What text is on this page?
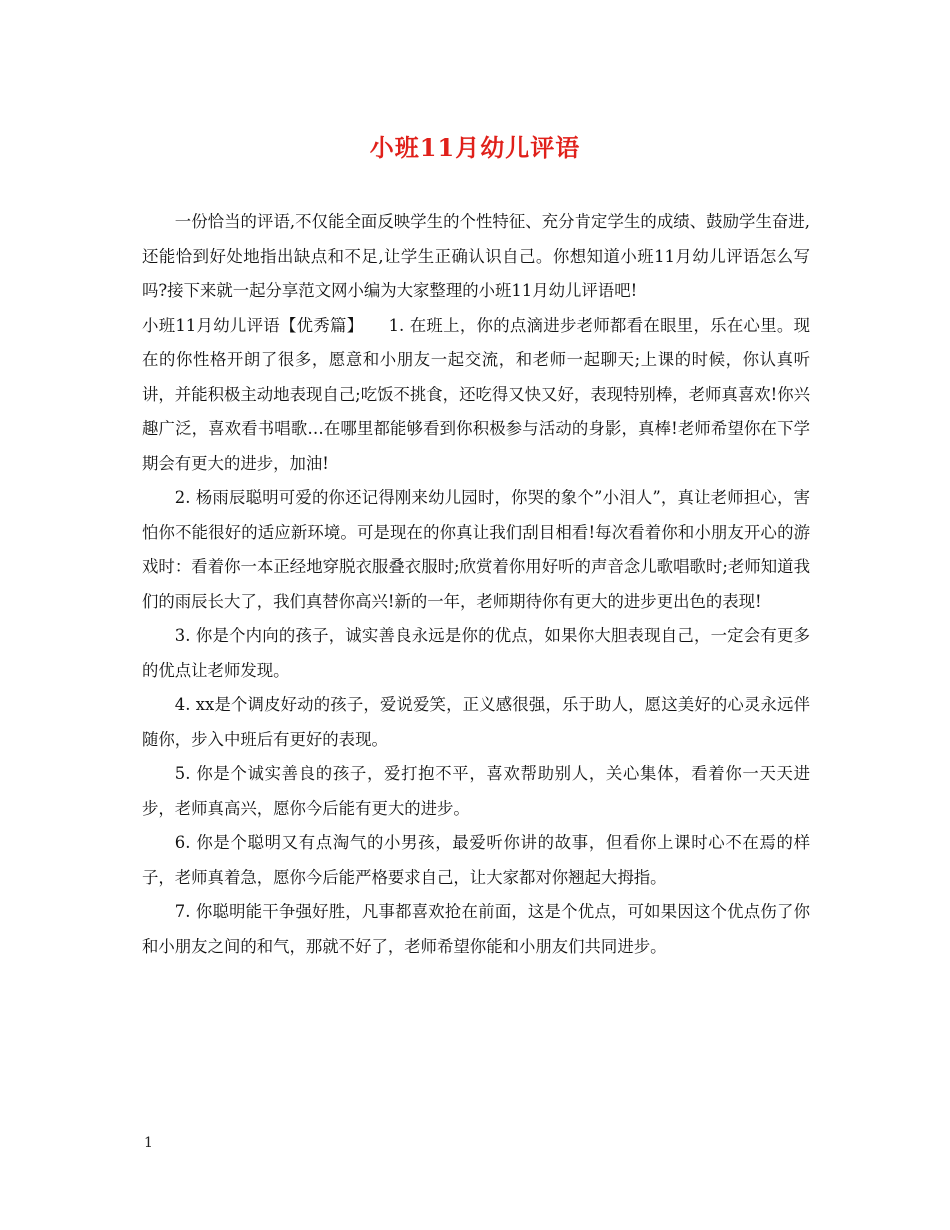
小班11月幼儿评语

一份恰当的评语,不仅能全面反映学生的个性特征、充分肯定学生的成绩、鼓励学生奋进,还能恰到好处地指出缺点和不足,让学生正确认识自己。你想知道小班11月幼儿评语怎么写吗?接下来就一起分享范文网小编为大家整理的小班11月幼儿评语吧!

小班11月幼儿评语【优秀篇】　　1. 在班上，你的点滴进步老师都看在眼里，乐在心里。现在的你性格开朗了很多，愿意和小朋友一起交流，和老师一起聊天;上课的时候，你认真听讲，并能积极主动地表现自己;吃饭不挑食，还吃得又快又好，表现特别棒，老师真喜欢!你兴趣广泛，喜欢看书唱歌…在哪里都能够看到你积极参与活动的身影，真棒!老师希望你在下学期会有更大的进步，加油!

2. 杨雨辰聪明可爱的你还记得刚来幼儿园时，你哭的象个”小泪人”，真让老师担心，害怕你不能很好的适应新环境。可是现在的你真让我们刮目相看!每次看着你和小朋友开心的游戏时：看着你一本正经地穿脱衣服叠衣服时;欣赏着你用好听的声音念儿歌唱歌时;老师知道我们的雨辰长大了，我们真替你高兴!新的一年，老师期待你有更大的进步更出色的表现!

3. 你是个内向的孩子，诚实善良永远是你的优点，如果你大胆表现自己，一定会有更多的优点让老师发现。

4. xx是个调皮好动的孩子，爱说爱笑，正义感很强，乐于助人，愿这美好的心灵永远伴随你，步入中班后有更好的表现。

5. 你是个诚实善良的孩子，爱打抱不平，喜欢帮助别人，关心集体，看着你一天天进步，老师真高兴，愿你今后能有更大的进步。

6. 你是个聪明又有点淘气的小男孩，最爱听你讲的故事，但看你上课时心不在焉的样子，老师真着急，愿你今后能严格要求自己，让大家都对你翘起大拇指。

7. 你聪明能干争强好胜，凡事都喜欢抢在前面，这是个优点，可如果因这个优点伤了你和小朋友之间的和气，那就不好了，老师希望你能和小朋友们共同进步。

1
